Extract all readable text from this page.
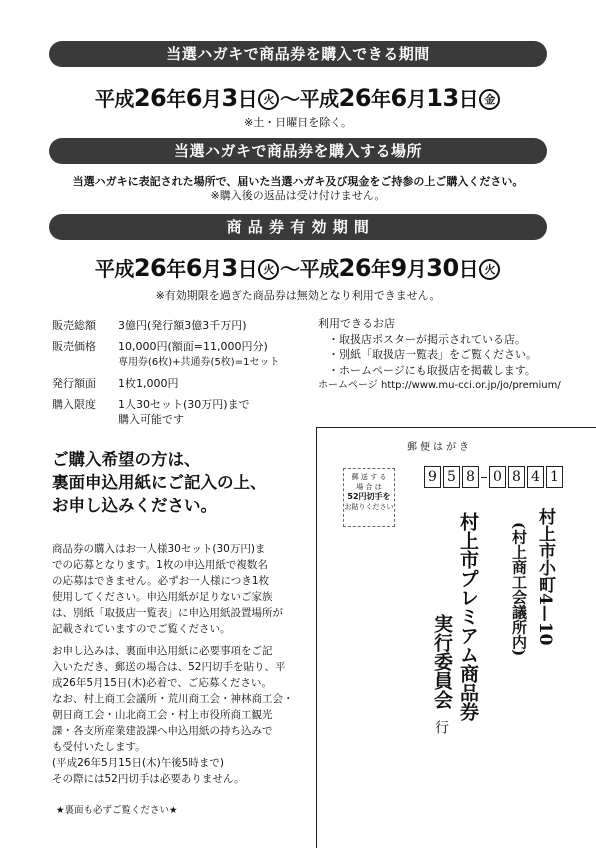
当選ハガキで商品券を購入できる期間
平成26年6月3日 火 〜平成26年6月13日 金
※土・日曜日を除く。
当選ハガキで商品券を購入する場所
当選ハガキに表記された場所で、届いた当選ハガキ及び現金をご持参の上ご購入ください。
※購入後の返品は受け付けません。
商 品 券 有 効 期 間
平成26年6月3日 火 〜平成26年9月30日 火
※有効期限を過ぎた商品券は無効となり利用できません。
販売総額	3億円(発行額3億3千万円)
販売価格	10,000円(額面=11,000円分)
専用券(6枚)+共通券(5枚)=1セット
発行額面	1枚1,000円
購入限度	1人30セット(30万円)まで
購入可能です
利用できるお店
・取扱店ポスターが掲示されている店。
・別紙「取扱店一覧表」をご覧ください。
・ホームページにも取扱店を掲載します。
ホームページ http://www.mu-cci.or.jp/jo/premium/
ご購入希望の方は、
裏面申込用紙にご記入の上、
お申し込みください。
商品券の購入はお一人様30セット(30万円)ま
での応募となります。1枚の申込用紙で複数名
の応募はできません。必ずお一人様につき1枚
使用してください。申込用紙が足りないご家族
は、別紙「取扱店一覧表」に申込用紙設置場所が
記載されていますのでご覧ください。
お申し込みは、裏面申込用紙に必要事項をご記
入いただき、郵送の場合は、52円切手を貼り、平
成26年5月15日(木)必着で、ご応募ください。
なお、村上商工会議所・荒川商工会・神林商工会・
朝日商工会・山北商工会・村上市役所商工観光
課・各支所産業建設課へ申込用紙の持ち込みで
も受付いたします。
(平成26年5月15日(木)午後5時まで)
その際には52円切手は必要ありません。
★裏面も必ずご覧ください★
郵便はがき
郵 送 す る
場 合 は
52円切手を
お貼りください
9 5 8 0 8 4 1
村上市小町4—10
(村上商工会議所内)
村上市プレミアム商品券
実行委員会
行
